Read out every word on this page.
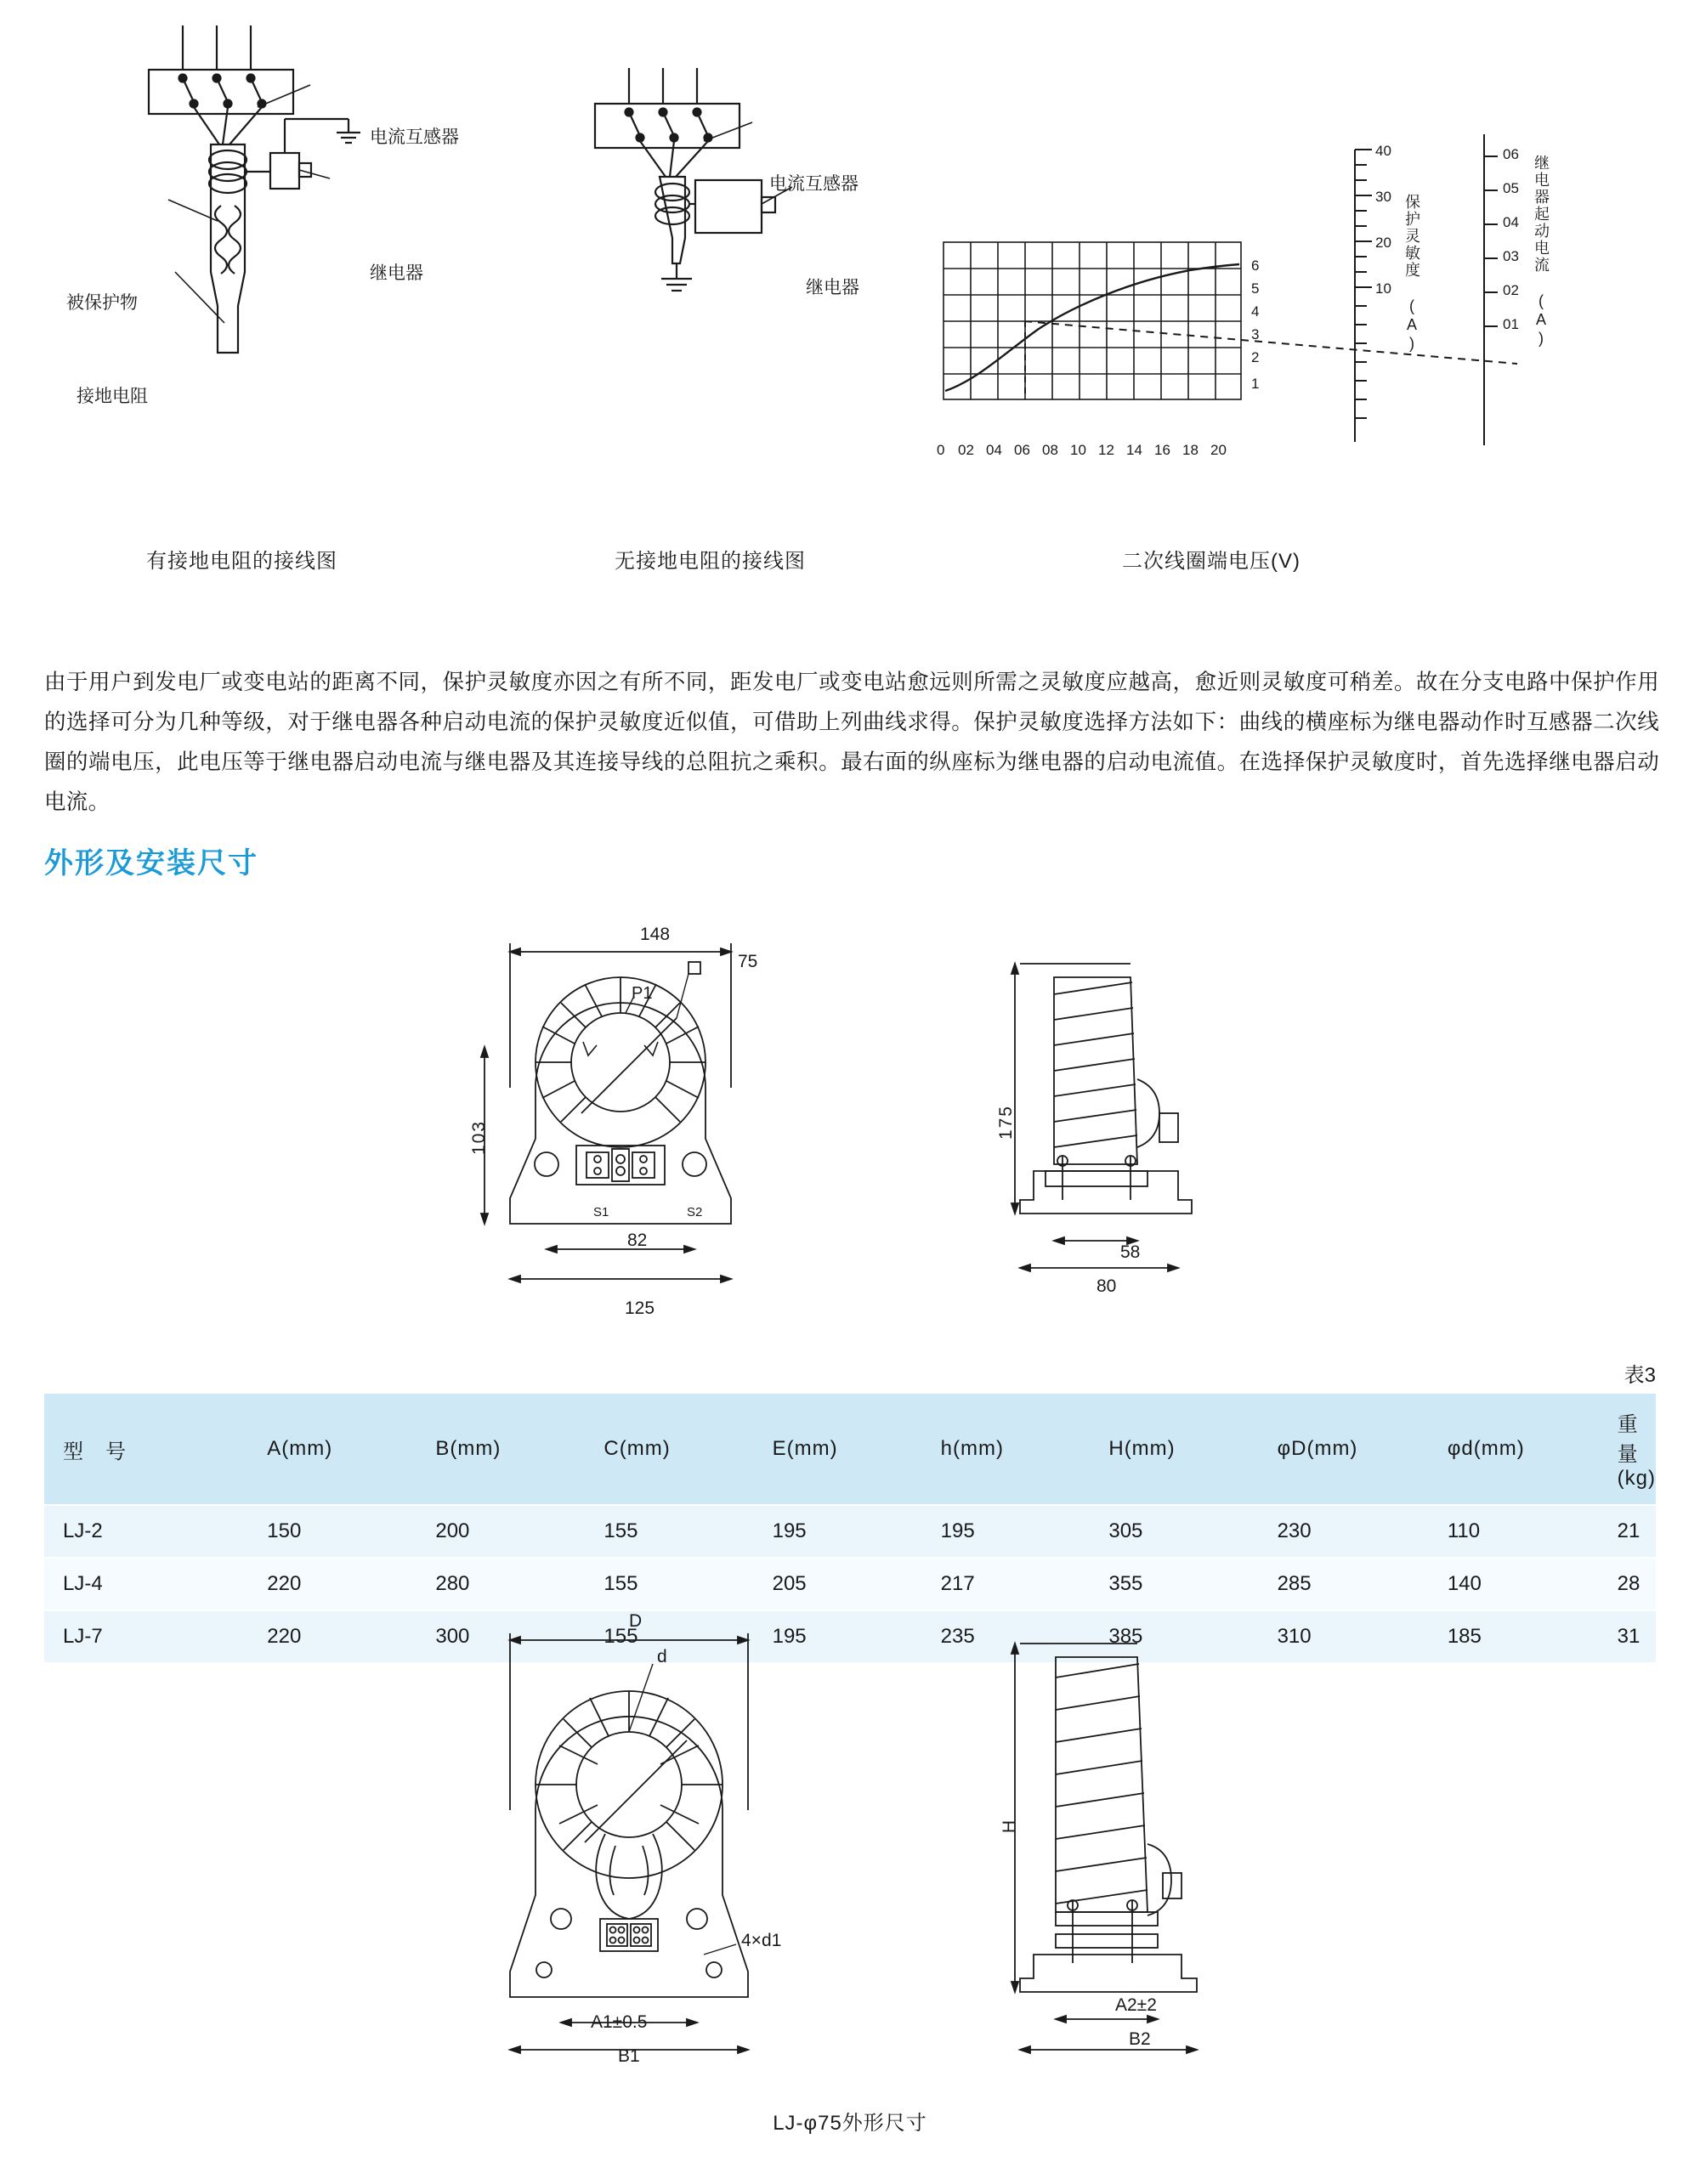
电流互感器
继电器
被保护物
接地电阻
有接地电阻的接线图
电流互感器
继电器
无接地电阻的接线图
6
5
4
3
2
1
0 02 04 06 08 10 12 14 16 18 20
40
30
20
10 保护灵敏度 (A)
06
05
04
03
02
01 继电器起动电流 (A)
二次线圈端电压(V)
由于用户到发电厂或变电站的距离不同，保护灵敏度亦因之有所不同，距发电厂或变电站愈远则所需之灵敏度应越高，愈近则灵敏度可稍差。故在分支电路中保护作用的选择可分为几种等级，对于继电器各种启动电流的保护灵敏度近似值，可借助上列曲线求得。保护灵敏度选择方法如下：曲线的横座标为继电器动作时互感器二次线圈的端电压，此电压等于继电器启动电流与继电器及其连接导线的总阻抗之乘积。最右面的纵座标为继电器的启动电流值。在选择保护灵敏度时，首先选择继电器启动电流。
外形及安装尺寸
148
75
P1
S1	S2
103
82
125
175
58
80
表3
型　号	A(mm)	B(mm)	C(mm)	E(mm)	h(mm)	H(mm)	φD(mm)	φd(mm)	重量(kg)
LJ-2	150	200	155	195	195	305	230	110	21
LJ-4	220	280	155	205	217	355	285	140	28
LJ-7	220	300	155	195	235	385	310	185	31
D
d
4×d1
A1±0.5
B1
H
A2±2
B2
LJ-φ75外形尺寸
